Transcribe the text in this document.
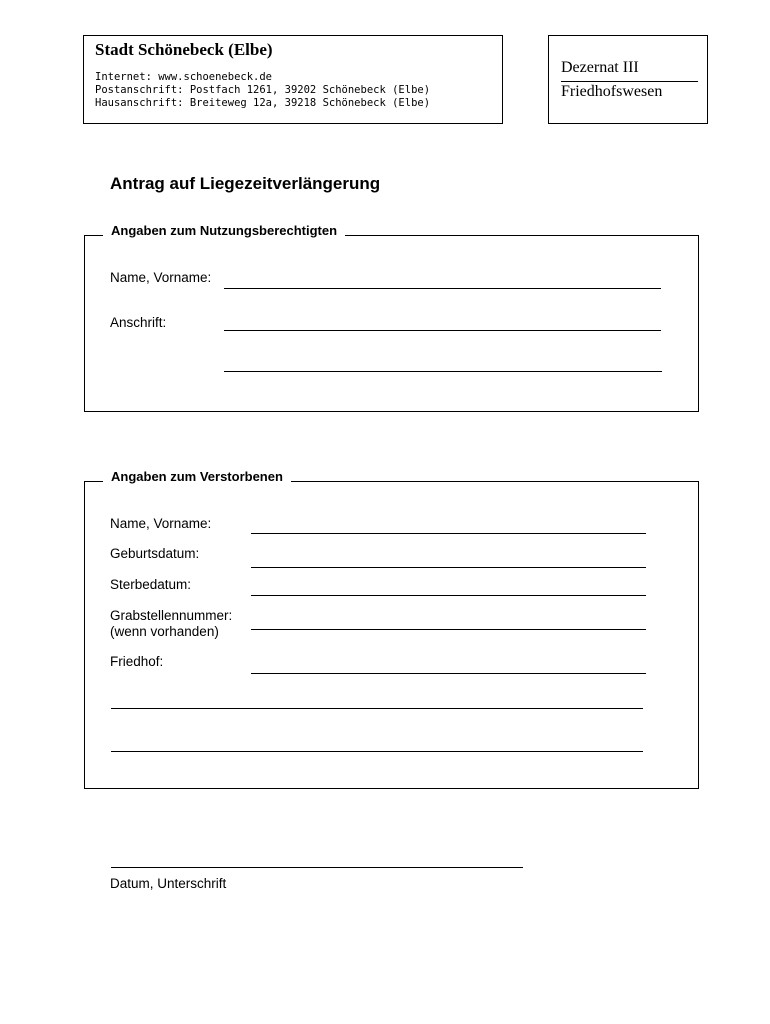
Stadt Schönebeck (Elbe)
Internet: www.schoenebeck.de
Postanschrift: Postfach 1261, 39202 Schönebeck (Elbe)
Hausanschrift: Breiteweg 12a, 39218 Schönebeck (Elbe)
Dezernat III
Friedhofswesen
Antrag auf Liegezeitverlängerung
Angaben zum Nutzungsberechtigten
Name, Vorname:
Anschrift:
Angaben zum Verstorbenen
Name, Vorname:
Geburtsdatum:
Sterbedatum:
Grabstellennummer:
(wenn vorhanden)
Friedhof:
Datum, Unterschrift
